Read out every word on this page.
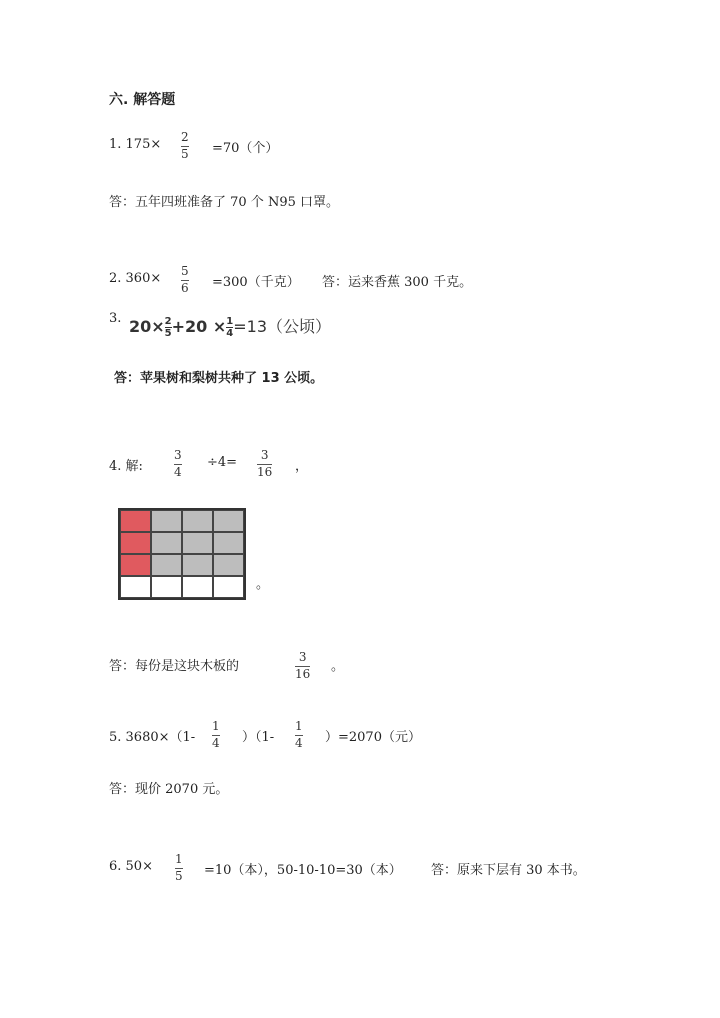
六. 解答题
1. 175× 2
5 =70（个）
答：五年四班准备了 70 个 N95 口罩。
2. 360× 5
6 =300（千克） 答：运来香蕉 300 千克。
3. $20\times \frac{2}{5} +20 \times \frac{1}{4} =13$（公顷）
答：苹果树和梨树共种了 13 公顷。
4. 解:
3
4
÷4= 3
16 ，
。
答：每份是这块木板的
3
16 。
5. 3680×（1-
1
4 ）（1-
1
4 ）=2070（元）
答：现价 2070 元。
6. 50× 1
5 =10（本），50-10-10=30（本） 答：原来下层有 30 本书。
